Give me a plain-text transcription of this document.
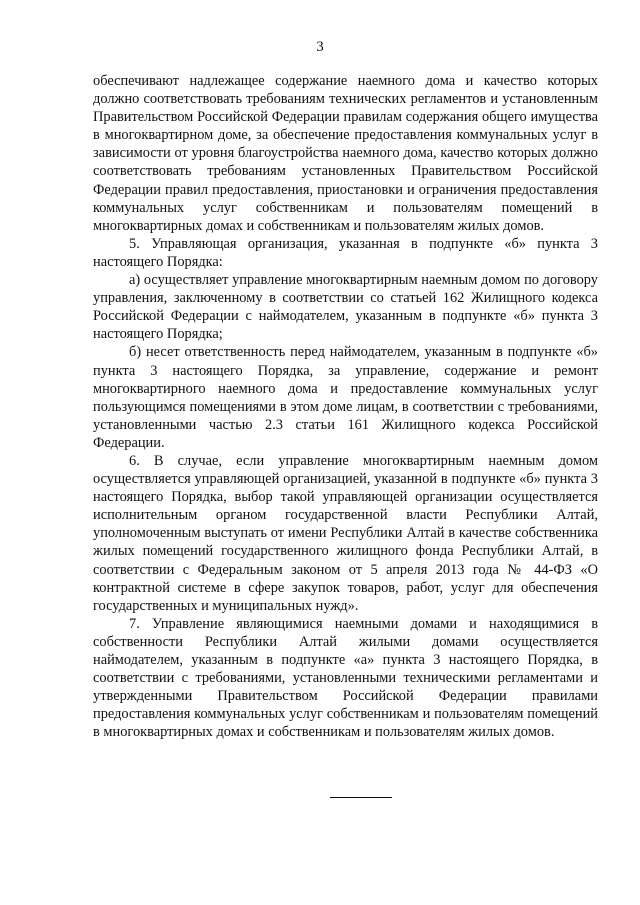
3

обеспечивают надлежащее содержание наемного дома и качество которых должно соответствовать требованиям технических регламентов и установленным Правительством Российской Федерации правилам содержания общего имущества в многоквартирном доме, за обеспечение предоставления коммунальных услуг в зависимости от уровня благоустройства наемного дома, качество которых должно соответствовать требованиям установленных Правительством Российской Федерации правил предоставления, приостановки и ограничения предоставления коммунальных услуг собственникам и пользователям помещений в многоквартирных домах и собственникам и пользователям жилых домов.

5. Управляющая организация, указанная в подпункте «б» пункта 3 настоящего Порядка:

а) осуществляет управление многоквартирным наемным домом по договору управления, заключенному в соответствии со статьей 162 Жилищного кодекса Российской Федерации с наймодателем, указанным в подпункте «б» пункта 3 настоящего Порядка;

б) несет ответственность перед наймодателем, указанным в подпункте «б» пункта 3 настоящего Порядка, за управление, содержание и ремонт многоквартирного наемного дома и предоставление коммунальных услуг пользующимся помещениями в этом доме лицам, в соответствии с требованиями, установленными частью 2.3 статьи 161 Жилищного кодекса Российской Федерации.

6. В случае, если управление многоквартирным наемным домом осуществляется управляющей организацией, указанной в подпункте «б» пункта 3 настоящего Порядка, выбор такой управляющей организации осуществляется исполнительным органом государственной власти Республики Алтай, уполномоченным выступать от имени Республики Алтай в качестве собственника жилых помещений государственного жилищного фонда Республики Алтай, в соответствии с Федеральным законом от 5 апреля 2013 года № 44-ФЗ «О контрактной системе в сфере закупок товаров, работ, услуг для обеспечения государственных и муниципальных нужд».

7. Управление являющимися наемными домами и находящимися в собственности Республики Алтай жилыми домами осуществляется наймодателем, указанным в подпункте «а» пункта 3 настоящего Порядка, в соответствии с требованиями, установленными техническими регламентами и утвержденными Правительством Российской Федерации правилами предоставления коммунальных услуг собственникам и пользователям помещений в многоквартирных домах и собственникам и пользователям жилых домов.
